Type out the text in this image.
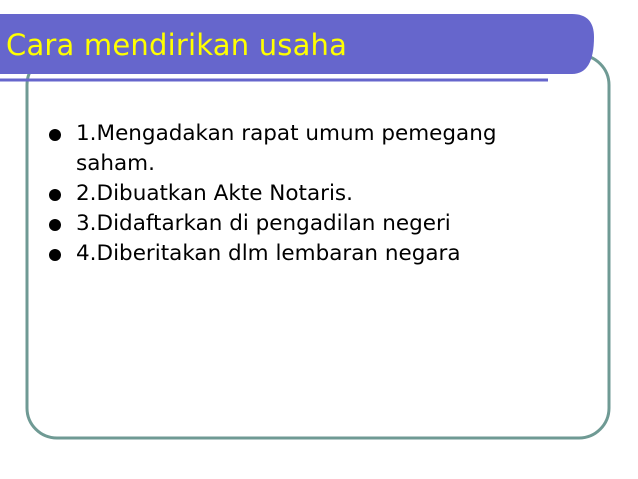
Cara mendirikan usaha
1.Mengadakan rapat umum pemegang saham.
2.Dibuatkan Akte Notaris.
3.Didaftarkan di pengadilan negeri
4.Diberitakan dlm lembaran negara
